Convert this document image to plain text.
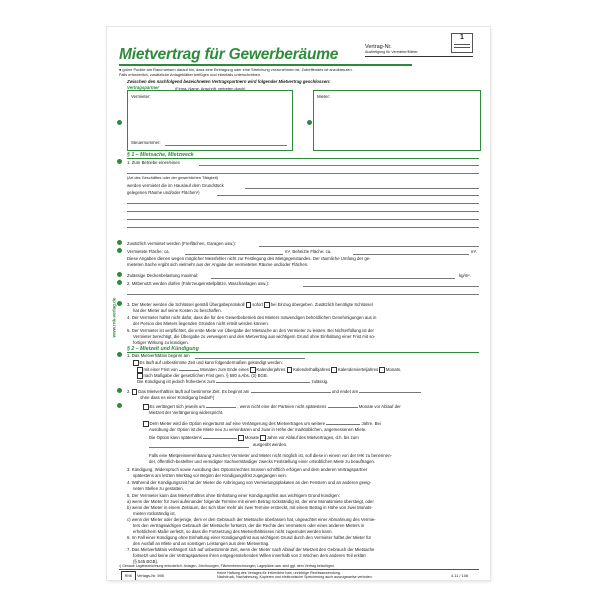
Mietvertrag für Gewerberäume	Vertrag-Nr.
Ausfertigung für Vermieter/Mieter
1
● grüne Punkte am Rand weisen darauf hin, dass eine Eintragung oder eine Streichung vorzunehmen ist. Zutreffendes ist anzukreuzen.
Falls erforderlich, zusätzliche Anlageblätter beifügen und ebenfalls unterschreiben.
Zwischen den nachfolgend bezeichneten Vertragspartnern wird folgender Mietvertrag geschlossen:
Vertragspartner	(Firma, Name, Anschrift, vertreten durch)
Vermieter:
Steuernummer:
Mieter:
www.rnk-verlag.de
§ 1 – Mietsache, Mietzweck
1. Zum Betriebe einer/eines
(Art des Geschäftes oder der gewerblichen Tätigkeit)
werden vermietet die im Haus/auf dem Grundstück
gelegenen Räume und/oder Flächen¹)
Zusätzlich vermietet werden (Freiflächen, Garagen usw.):
Vermietete Fläche: ca.	m². Beheizte Fläche: ca.	m².
Diese Angaben dienen wegen möglicher Messfehler nicht zur Festlegung des Mietgegenstandes. Der räumliche Umfang der ge-
mieteten Sache ergibt sich vielmehr aus der Angabe der vermieteten Räume und/oder Flächen.
Zulässige Deckenbelastung maximal:	kg/m².
2. Mitbenutzt werden dürfen (Fahrzeugeinstellplätze, Waschanlagen usw.):
3. Der Mieter werden die Schlüssel gemäß Übergabeprotokoll sofort bei Einzug übergeben. Zusätzlich benötigte Schlüssel
hat der Mieter auf seine Kosten zu beschaffen.
4. Der Vermieter haftet nicht dafür, dass die für den Gewerbebetrieb des Mieters notwendigen behördlichen Genehmigungen aus in
der Person des Mieters liegenden Gründen nicht erteilt werden können.
5. Der Vermieter ist verpflichtet, die erste Miete vor Übergabe der Mietsache an den Vermieter zu leisten. Bei Nichterfüllung ist der
Vermieter berechtigt, die Übergabe zu verweigern und den Mietvertrag aus wichtigem Grund ohne Einhaltung einer Frist mit so-
fortiger Wirkung zu kündigen.
§ 2 – Mietzeit und Kündigung
1. Das Mietverhältnis beginnt am
Es läuft auf unbestimmte Zeit und kann folgendermaßen gekündigt werden:
mit einer Frist von	Monaten zum Ende eines Kalenderjahres Kalenderhalbjahres Kalendervierteljahres Monats.
nach Maßgabe der gesetzlichen Frist gem. § 580 a Abs. (2) BGB.
Die Kündigung ist jedoch frühestens zum	zulässig.
2. Das Mietverhältnis läuft auf bestimmte Zeit. Es beginnt am	und endet am
ohne dass es einer Kündigung bedarf¹)
Es verlängert sich jeweils um	, wenn nicht eine der Parteien nicht spätestens	Monate vor Ablauf der
Mietzeit der Verlängerung widerspricht.
Dem Mieter wird die Option eingeräumt auf eine Verlängerung des Mietvertrages um weitere	Jahre. Bei
Ausübung der Option ist die Miete neu zu vereinbaren und zwar in Höhe der marktüblichen, angemessenen Miete.
Die Option kann spätestens	Monate Jahre vor Ablauf des Mietvertrages, d.h. bis zum
ausgeübt werden.
Falls eine Mietpreisvereinbarung zwischen Vermieter und Mieter nicht möglich ist, soll diese in einem von der IHK zu benennen-
der, öffentlich-bestellter und vereidigter Sachverständiger zwecks Feststellung einer ortsüblichen Miete zu beauftragen.
3. Kündigung, Widerspruch sowie Ausübung des Optionsrechtes müssen schriftlich erfolgen und dem anderen Vertragspartner
spätestens am letzten Werktag vor Beginn der Kündigungsfrist zugegangen sein.
4. Während der Kündigungszeit hat der Mieter die Anbringung von Vermietungsplakaten an den Fenstern und an anderen geeig-
neten Stellen zu gestatten.
5. Der Vermieter kann das Mietverhältnis ohne Einhaltung einer Kündigungsfrist aus wichtigem Grund kündigen:
a) wenn der Mieter für zwei aufeinander folgende Termine mit einem Betrag rückständig ist, der eine Monatsmiete übersteigt, oder
b) wenn der Mieter in einem Zeitraum, der sich über mehr als zwei Termine erstreckt, mit einem Betrag in Höhe von zwei Monats-
mieten rückständig ist,
c) wenn der Mieter oder derjenige, dem er den Gebrauch der Mietsache überlassen hat, ungeachtet einer Abmahnung des Vermie-
ters den vertragswidrigen Gebrauch der Mietsache fortsetzt, der die Rechte des Vermieters oder eines anderen Mieters in
erheblichem Maße verletzt, so dass die Fortsetzung des Mietverhältnisses nicht zugemutet werden kann.
6. Im Fall einer Kündigung ohne Einhaltung einer Kündigungsfrist aus wichtigem Grund durch den Vermieter haftet der Mieter für
den Ausfall an Miete und an sonstigen Leistungen aus dem Mietvertrag.
7. Das Mietverhältnis verlängert sich auf unbestimmte Zeit, wenn der Mieter nach Ablauf der Mietzeit den Gebrauch der Mietsache
fortsetzt und keine der Vertragsparteien ihren entgegenstehenden Willen innerhalb von 2 Wochen dem anderen Teil erklärt
(§ 545 BGB).
¹) Genaue Lagebezeichnung erforderlich. Anlagen, Zeichnungen, Flächenberechnungen, Lagepläne usw. sind ggf. dem Vertrag beizufügen.
RNK	Verlags-Nr. 598	Keine Haftung des Verlages für irrtümliche bzw. unrichtige Rechtsanwendung.
Nachdruck, Nachahmung, Kopieren und elektronische Speicherung auch auszugsweise verboten.	4.11 / 106
